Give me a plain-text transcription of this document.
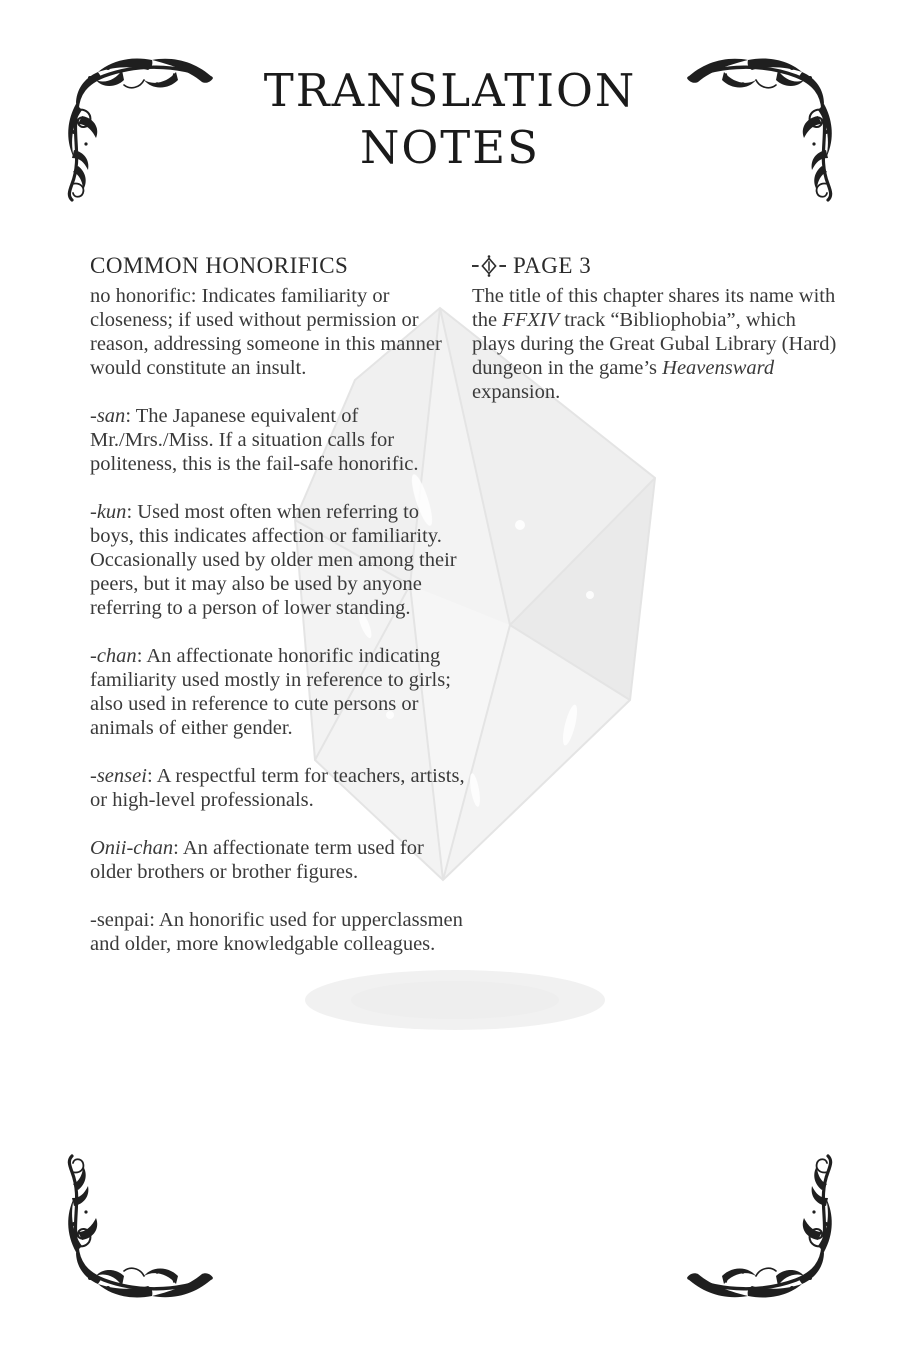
TRANSLATION
NOTES
COMMON HONORIFICS

no honorific: Indicates familiarity or closeness; if used without permission or reason, addressing someone in this manner would constitute an insult.

-san: The Japanese equivalent of Mr./Mrs./Miss. If a situation calls for politeness, this is the fail-safe honorific.

-kun: Used most often when referring to boys, this indicates affection or familiarity. Occasionally used by older men among their peers, but it may also be used by anyone referring to a person of lower standing.

-chan: An affectionate honorific indicating familiarity used mostly in reference to girls; also used in reference to cute persons or animals of either gender.

-sensei: A respectful term for teachers, artists, or high-level professionals.

Onii-chan: An affectionate term used for older brothers or brother figures.

-senpai: An honorific used for upperclassmen and older, more knowledgable colleagues.

PAGE 3

The title of this chapter shares its name with the FFXIV track “Bibliophobia”, which plays during the Great Gubal Library (Hard) dungeon in the game’s Heavensward expansion.
